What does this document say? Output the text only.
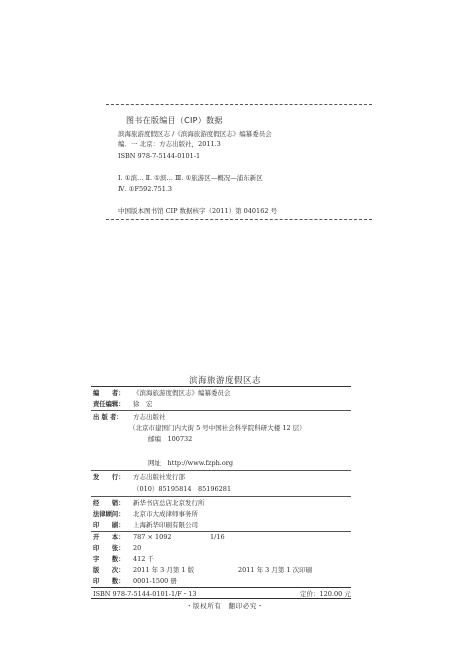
图书在版编目（CIP）数据
滨海旅游度假区志 /《滨海旅游度假区志》编纂委员会
编．一 北京：方志出版社，2011.3
ISBN 978-7-5144-0101-1
Ⅰ. ①滨… Ⅱ. ①滨… Ⅲ. ①旅游区—概况—浦东新区
Ⅳ. ①F592.751.3
中国版本图书馆 CIP 数据核字（2011）第 040162 号
滨海旅游度假区志
编　　者： 《滨海旅游度假区志》编纂委员会
责任编辑： 徐　宏
出 版 者： 方志出版社
（北京市建国门内大街 5 号中国社会科学院科研大楼 12 层）
邮编　100732
网址　http://www.fzph.org
发　　行： 方志出版社发行部
（010）85195814　85196281
经　　销： 新华书店总店北京发行所
法律顾问： 北京市大成律师事务所
印　　刷： 上海新华印刷有限公司
开　　本： 787 × 1092	1/16
印　　张： 20
字　　数： 412 千
版　　次： 2011 年 3 月第 1 版	2011 年 3 月第 1 次印刷
印　　数： 0001-1500 册
ISBN 978-7-5144-0101-1/F・13	定价：120.00 元
・版权所有　翻印必究・
